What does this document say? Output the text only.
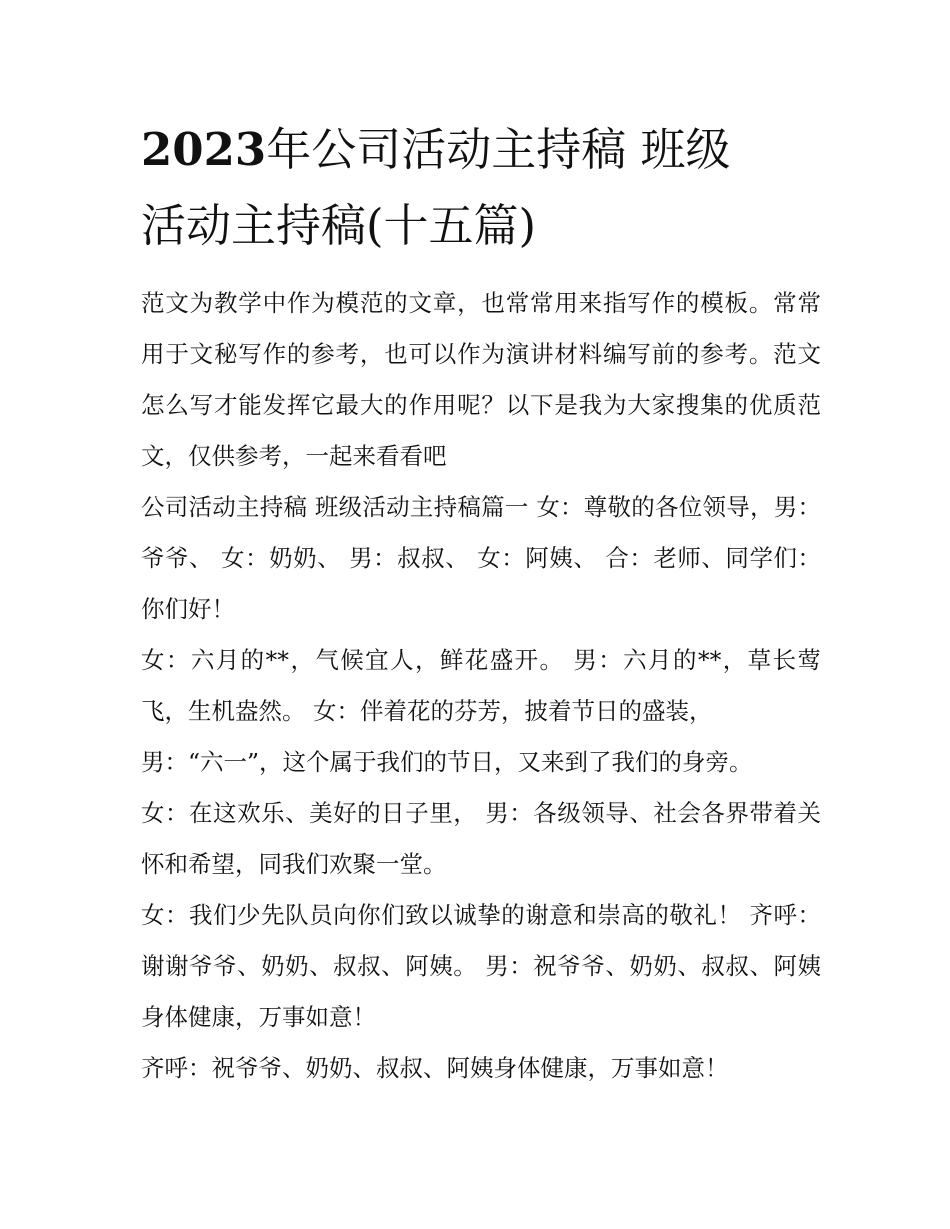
2023年公司活动主持稿 班级
活动主持稿(十五篇)

范文为教学中作为模范的文章，也常常用来指写作的模板。常常用于文秘写作的参考，也可以作为演讲材料编写前的参考。范文怎么写才能发挥它最大的作用呢？以下是我为大家搜集的优质范文，仅供参考，一起来看看吧

公司活动主持稿 班级活动主持稿篇一 女：尊敬的各位领导，男：爷爷、 女：奶奶、 男：叔叔、 女：阿姨、 合：老师、同学们：你们好！

女：六月的**，气候宜人，鲜花盛开。 男：六月的**，草长莺飞，生机盎然。 女：伴着花的芬芳，披着节日的盛装，

男：“六一”，这个属于我们的节日，又来到了我们的身旁。

女：在这欢乐、美好的日子里， 男：各级领导、社会各界带着关怀和希望，同我们欢聚一堂。

女：我们少先队员向你们致以诚挚的谢意和崇高的敬礼！ 齐呼：谢谢爷爷、奶奶、叔叔、阿姨。 男：祝爷爷、奶奶、叔叔、阿姨身体健康，万事如意！

齐呼：祝爷爷、奶奶、叔叔、阿姨身体健康，万事如意！
